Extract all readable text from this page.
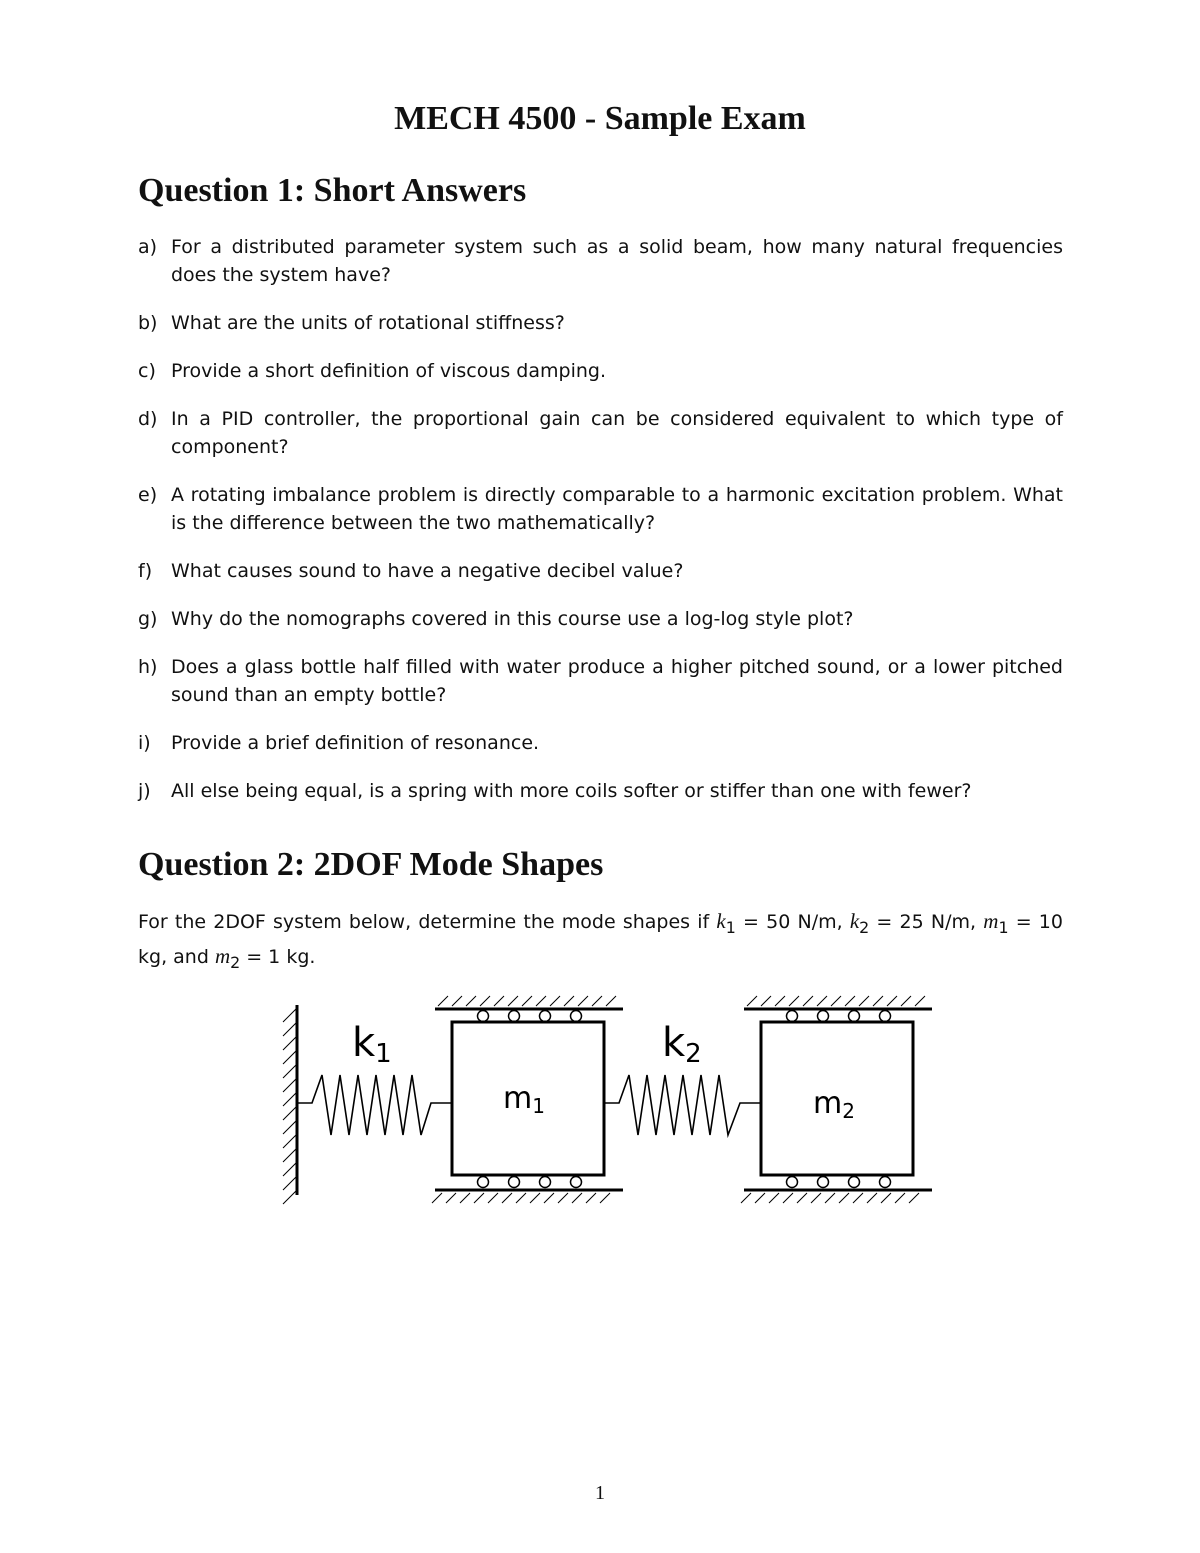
MECH 4500 - Sample Exam
Question 1: Short Answers
a) For a distributed parameter system such as a solid beam, how many natural frequencies does the system have?
b) What are the units of rotational stiffness?
c) Provide a short definition of viscous damping.
d) In a PID controller, the proportional gain can be considered equivalent to which type of component?
e) A rotating imbalance problem is directly comparable to a harmonic excitation problem. What is the difference between the two mathematically?
f) What causes sound to have a negative decibel value?
g) Why do the nomographs covered in this course use a log-log style plot?
h) Does a glass bottle half filled with water produce a higher pitched sound, or a lower pitched sound than an empty bottle?
i) Provide a brief definition of resonance.
j) All else being equal, is a spring with more coils softer or stiffer than one with fewer?
Question 2: 2DOF Mode Shapes
For the 2DOF system below, determine the mode shapes if $k_1 = 50$ N/m, $k_2 = 25$ N/m, $m_1 = 10$ kg, and $m_2 = 1$ kg.
k1	k2
m1	m2
1
